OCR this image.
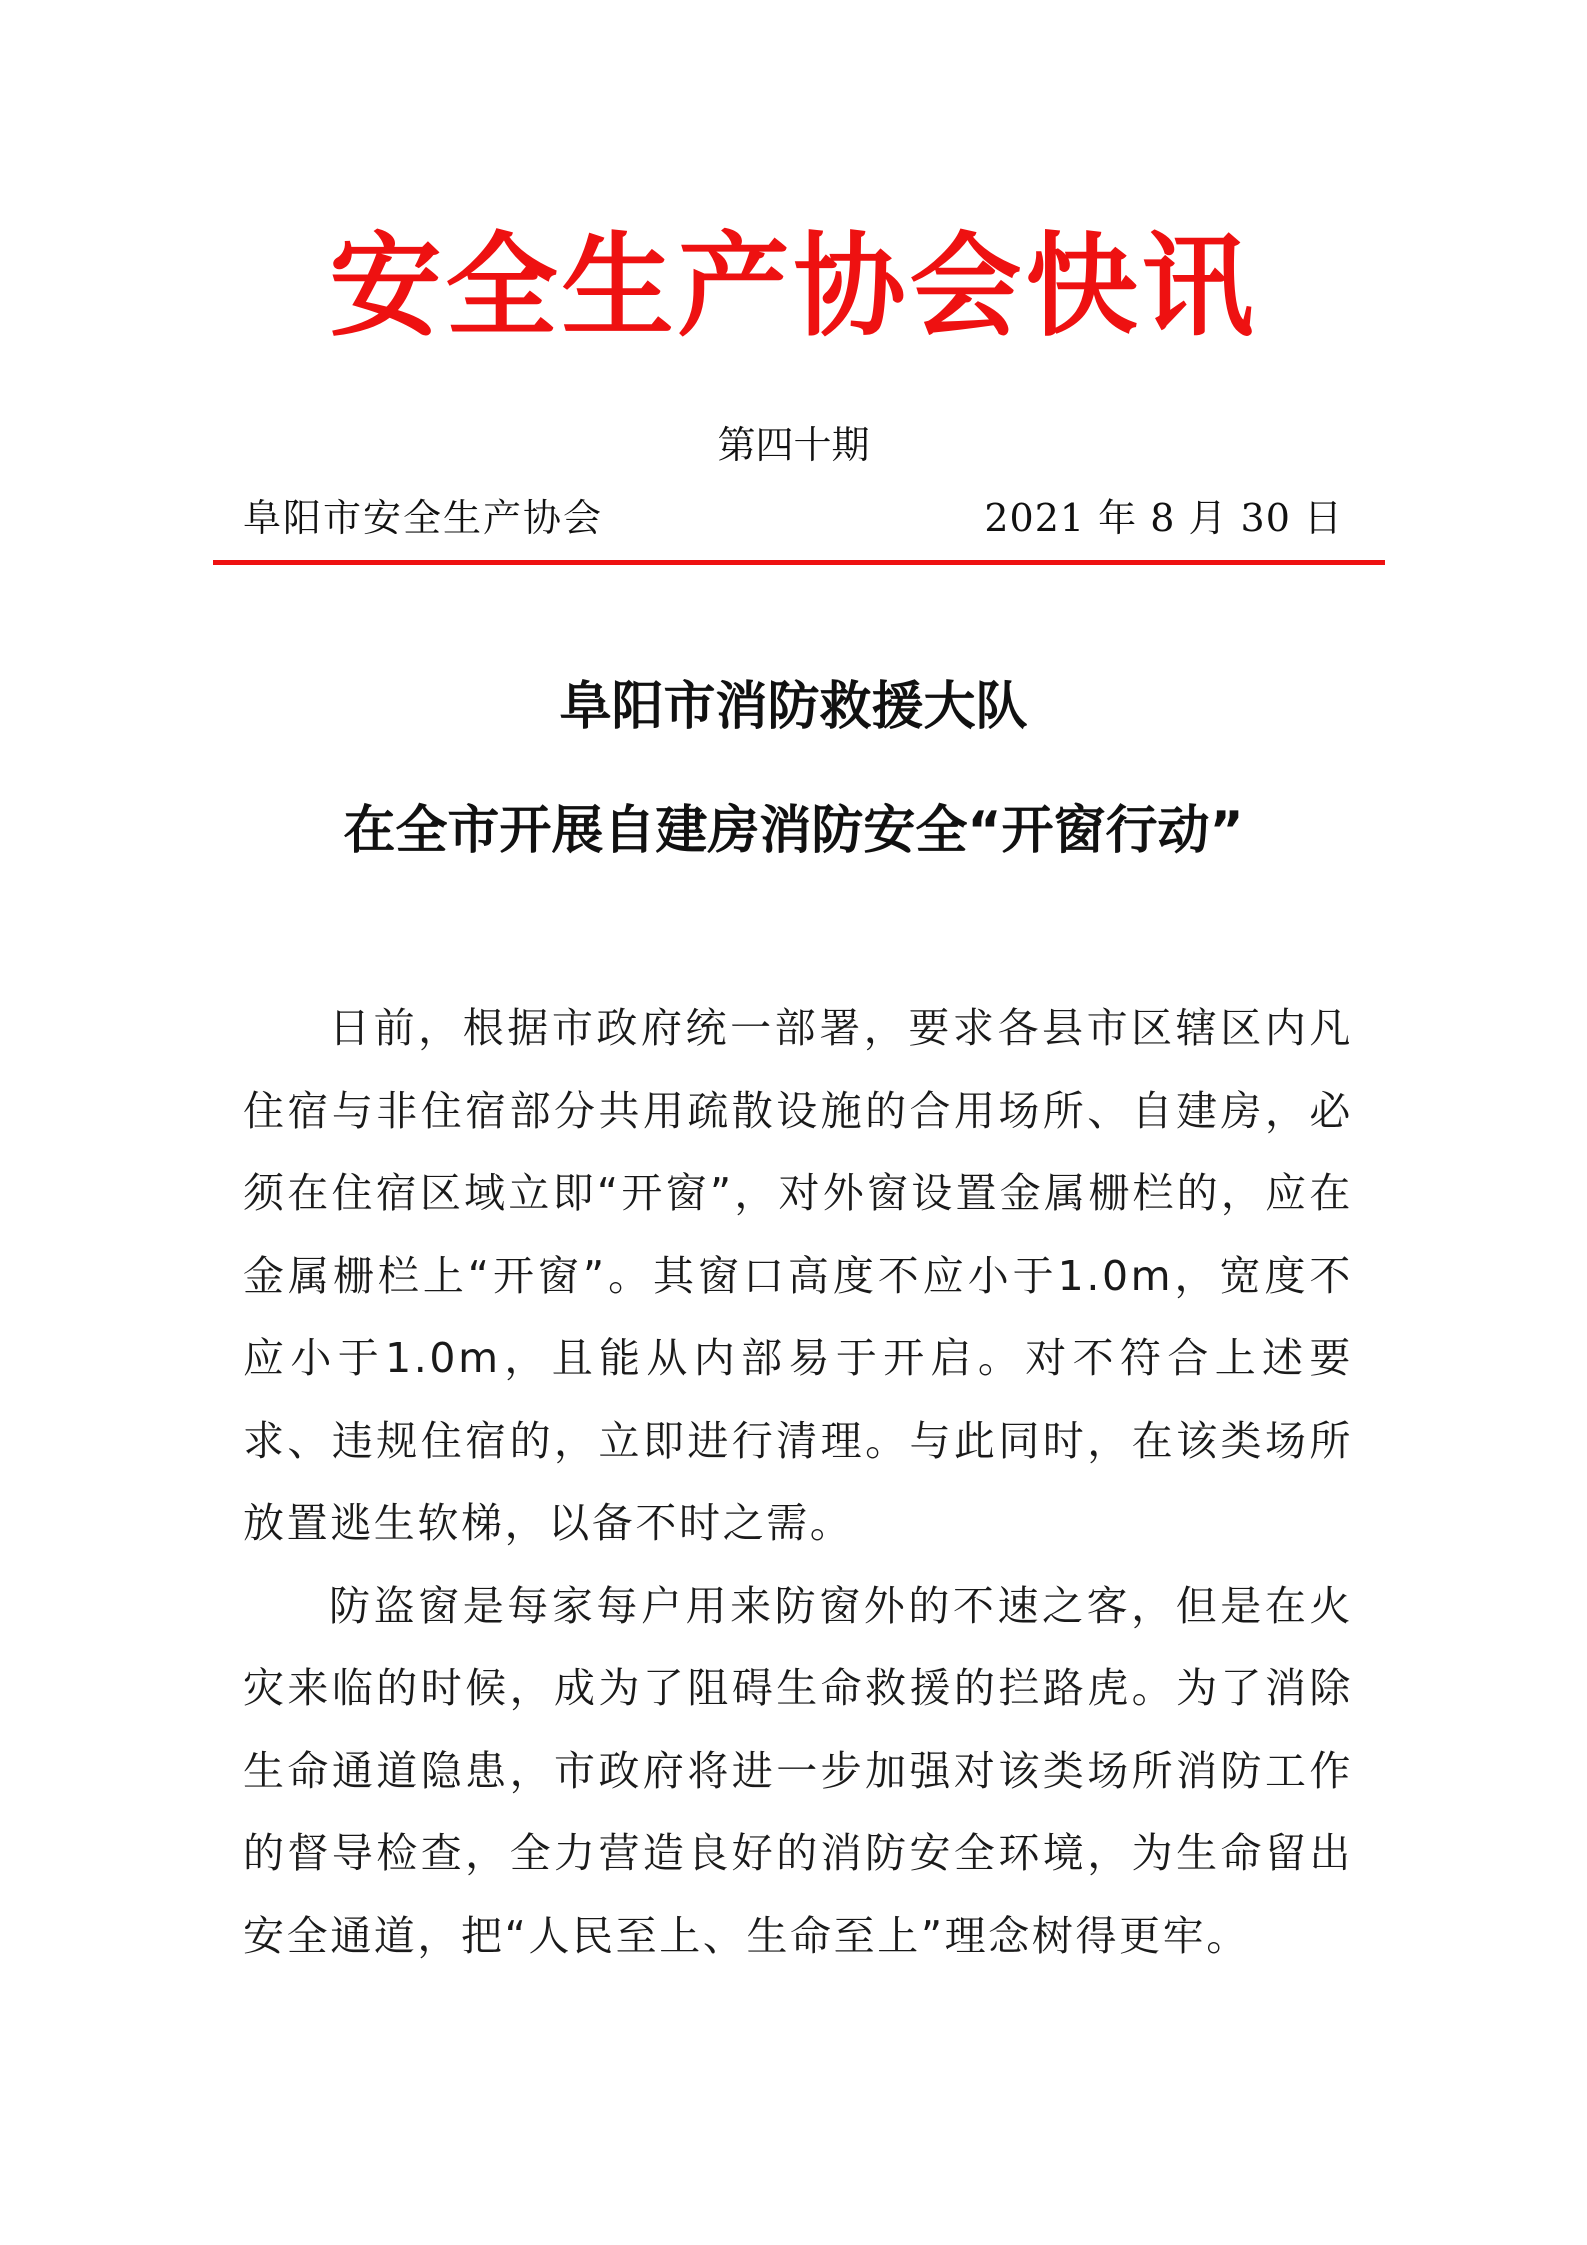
安全生产协会快讯
第四十期
阜阳市安全生产协会	2021 年 8 月 30 日
阜阳市消防救援大队
在全市开展自建房消防安全“开窗行动”

日前，根据市政府统一部署，要求各县市区辖区内凡住宿与非住宿部分共用疏散设施的合用场所、自建房，必须在住宿区域立即“开窗”，对外窗设置金属栅栏的，应在金属栅栏上“开窗”。其窗口高度不应小于1.0m，宽度不应小于1.0m，且能从内部易于开启。对不符合上述要求、违规住宿的，立即进行清理。与此同时，在该类场所放置逃生软梯，以备不时之需。

防盗窗是每家每户用来防窗外的不速之客，但是在火灾来临的时候，成为了阻碍生命救援的拦路虎。为了消除生命通道隐患，市政府将进一步加强对该类场所消防工作的督导检查，全力营造良好的消防安全环境，为生命留出安全通道，把“人民至上、生命至上”理念树得更牢。
